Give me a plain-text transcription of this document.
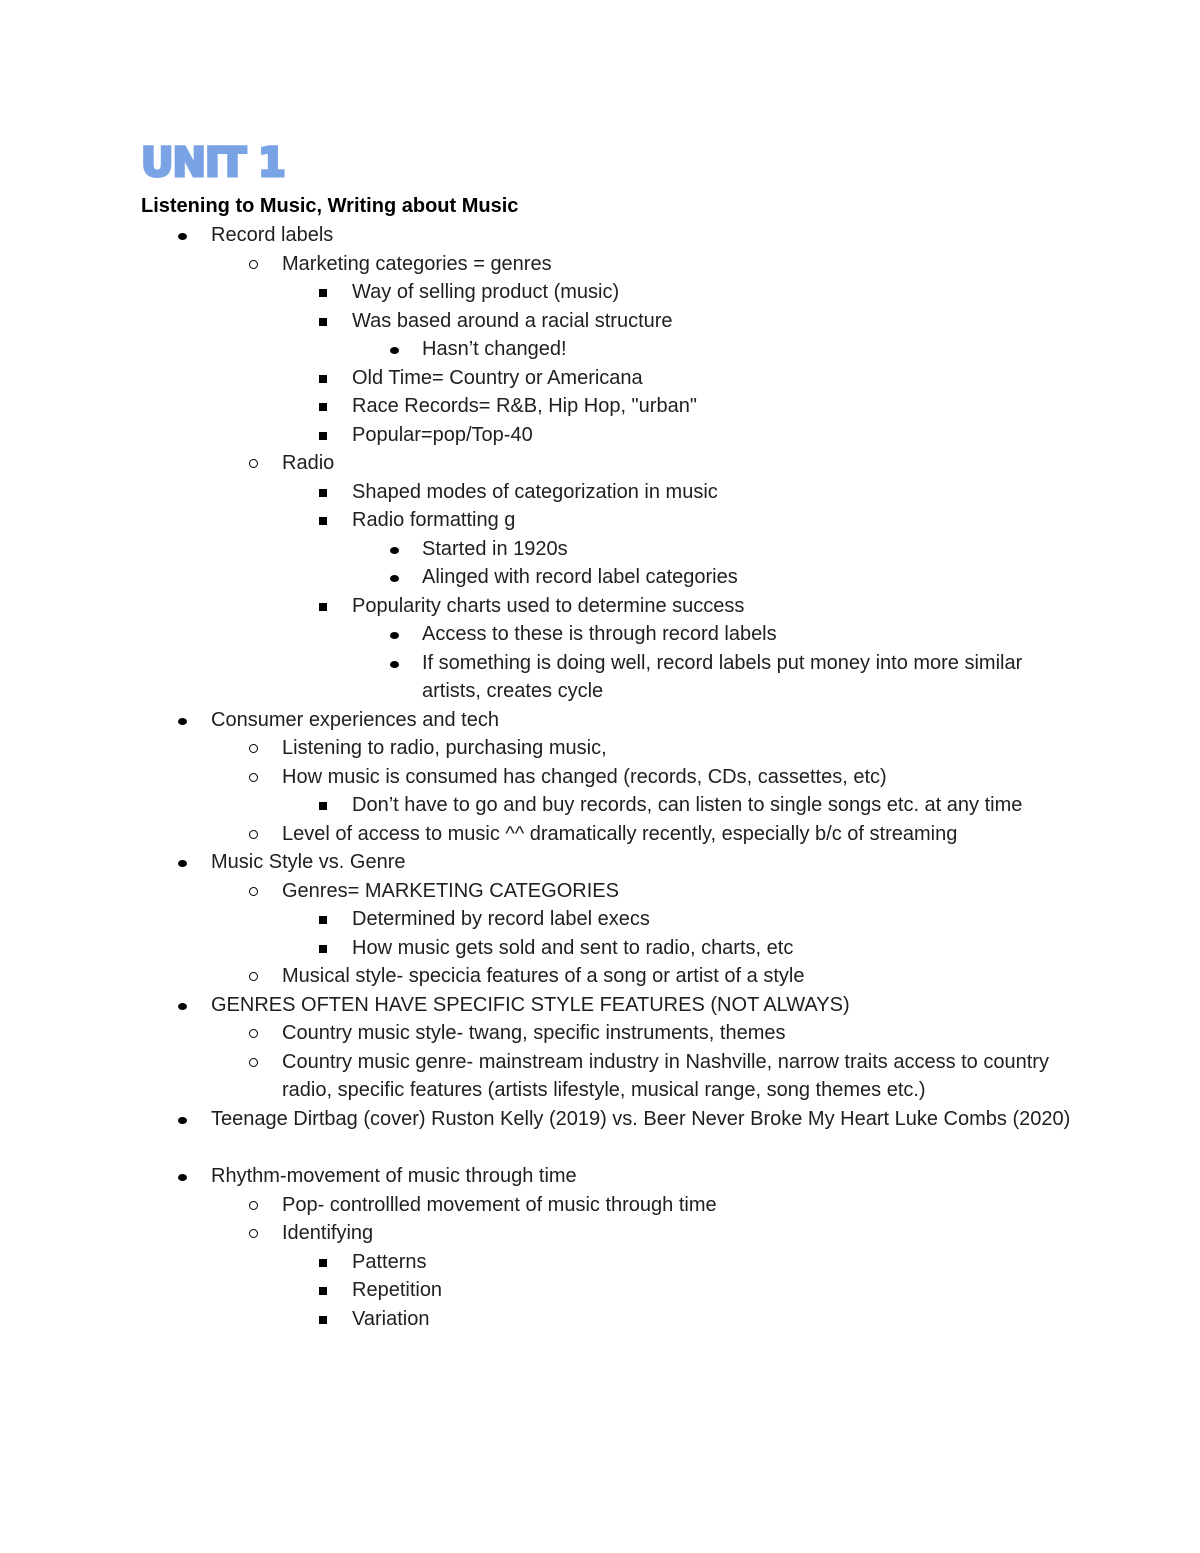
UNIT 1
Listening to Music, Writing about Music
Record labels
Marketing categories = genres
Way of selling product (music)
Was based around a racial structure
Hasn’t changed!
Old Time= Country or Americana
Race Records= R&B, Hip Hop, "urban"
Popular=pop/Top-40
Radio
Shaped modes of categorization in music
Radio formatting g
Started in 1920s
Alinged with record label categories
Popularity charts used to determine success
Access to these is through record labels
If something is doing well, record labels put money into more similar artists, creates cycle
Consumer experiences and tech
Listening to radio, purchasing music,
How music is consumed has changed (records, CDs, cassettes, etc)
Don’t have to go and buy records, can listen to single songs etc. at any time
Level of access to music ^^ dramatically recently, especially b/c of streaming
Music Style vs. Genre
Genres= MARKETING CATEGORIES
Determined by record label execs
How music gets sold and sent to radio, charts, etc
Musical style- specicia features of a song or artist of a style
GENRES OFTEN HAVE SPECIFIC STYLE FEATURES (NOT ALWAYS)
Country music style- twang, specific instruments, themes
Country music genre- mainstream industry in Nashville, narrow traits access to country radio, specific features (artists lifestyle, musical range, song themes etc.)
Teenage Dirtbag (cover) Ruston Kelly (2019) vs. Beer Never Broke My Heart Luke Combs (2020)
Rhythm-movement of music through time
Pop- controllled movement of music through time
Identifying
Patterns
Repetition
Variation
